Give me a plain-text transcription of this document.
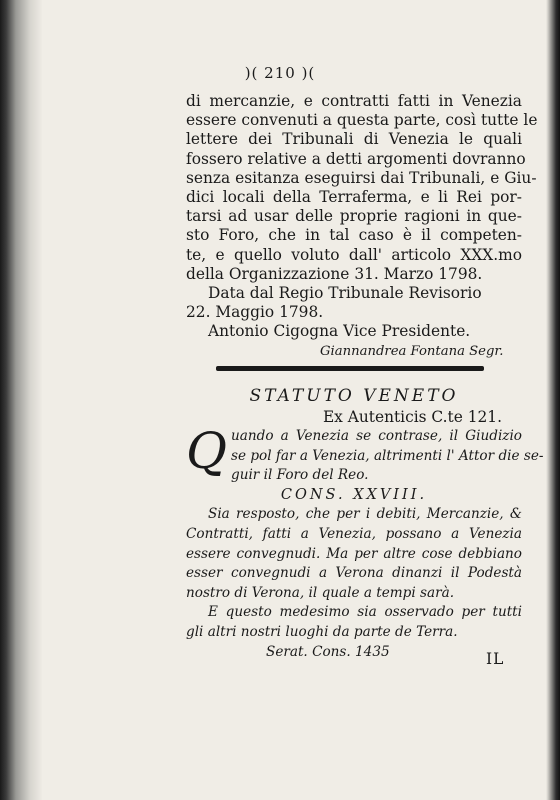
)( 210 )(
di mercanzie, e contratti fatti in Venezia
essere convenuti a questa parte, così tutte le
lettere dei Tribunali di Venezia le quali
fossero relative a detti argomenti dovranno
senza esitanza eseguirsi dai Tribunali, e Giu-
dici locali della Terraferma, e li Rei por-
tarsi ad usar delle proprie ragioni in que-
sto Foro, che in tal caso è il competen-
te, e quello voluto dall' articolo XXX.mo
della Organizzazione 31. Marzo 1798.
Data dal Regio Tribunale Revisorio
22. Maggio 1798.
Antonio Cigogna Vice Presidente.
Giannandrea Fontana Segr.
STATUTO VENETO
Ex Autenticis C.te 121.
Q uando a Venezia se contrase, il Giudizio
se pol far a Venezia, altrimenti l' Attor die se-
guir il Foro del Reo.
CONS. XXVIII.
Sia resposto, che per i debiti, Mercanzie, &
Contratti, fatti a Venezia, possano a Venezia
essere convegnudi. Ma per altre cose debbiano
esser convegnudi a Verona dinanzi il Podestà
nostro di Verona, il quale a tempi sarà.
E questo medesimo sia osservado per tutti
gli altri nostri luoghi da parte de Terra.
Serat. Cons. 1435	IL
